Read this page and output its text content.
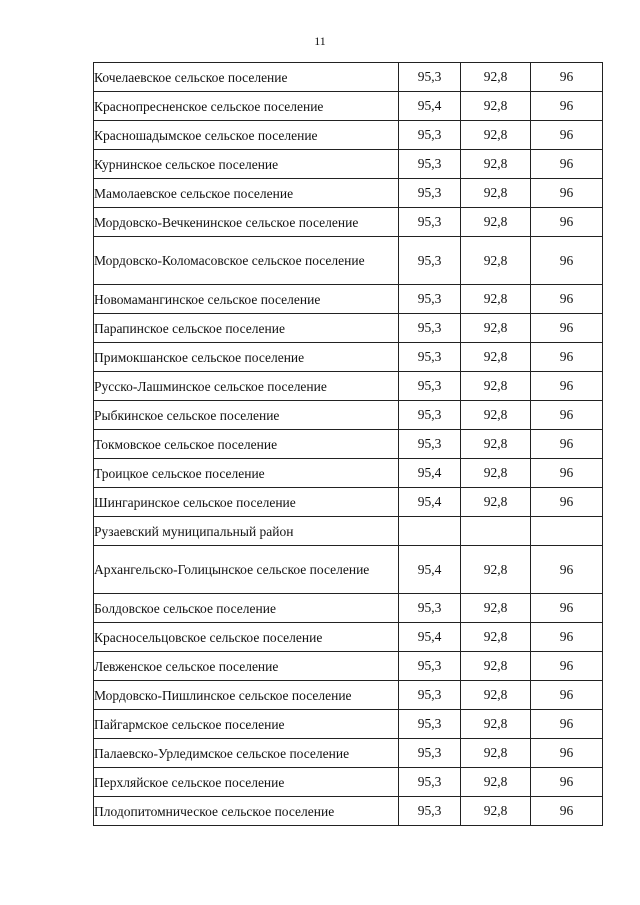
11
Кочелаевское сельское поселение	95,3	92,8	96
Краснопресненское сельское поселение	95,4	92,8	96
Красношадымское сельское поселение	95,3	92,8	96
Курнинское сельское поселение	95,3	92,8	96
Мамолаевское сельское поселение	95,3	92,8	96
Мордовско-Вечкенинское сельское поселение	95,3	92,8	96
Мордовско-Коломасовское сельское поселение	95,3	92,8	96
Новомамангинское сельское поселение	95,3	92,8	96
Парапинское сельское поселение	95,3	92,8	96
Примокшанское сельское поселение	95,3	92,8	96
Русско-Лашминское сельское поселение	95,3	92,8	96
Рыбкинское сельское поселение	95,3	92,8	96
Токмовское сельское поселение	95,3	92,8	96
Троицкое сельское поселение	95,4	92,8	96
Шингаринское сельское поселение	95,4	92,8	96
Рузаевский муниципальный район			
Архангельско-Голицынское сельское поселение	95,4	92,8	96
Болдовское сельское поселение	95,3	92,8	96
Красносельцовское сельское поселение	95,4	92,8	96
Левженское сельское поселение	95,3	92,8	96
Мордовско-Пишлинское сельское поселение	95,3	92,8	96
Пайгармское сельское поселение	95,3	92,8	96
Палаевско-Урледимское сельское поселение	95,3	92,8	96
Перхляйское сельское поселение	95,3	92,8	96
Плодопитомническое сельское поселение	95,3	92,8	96
